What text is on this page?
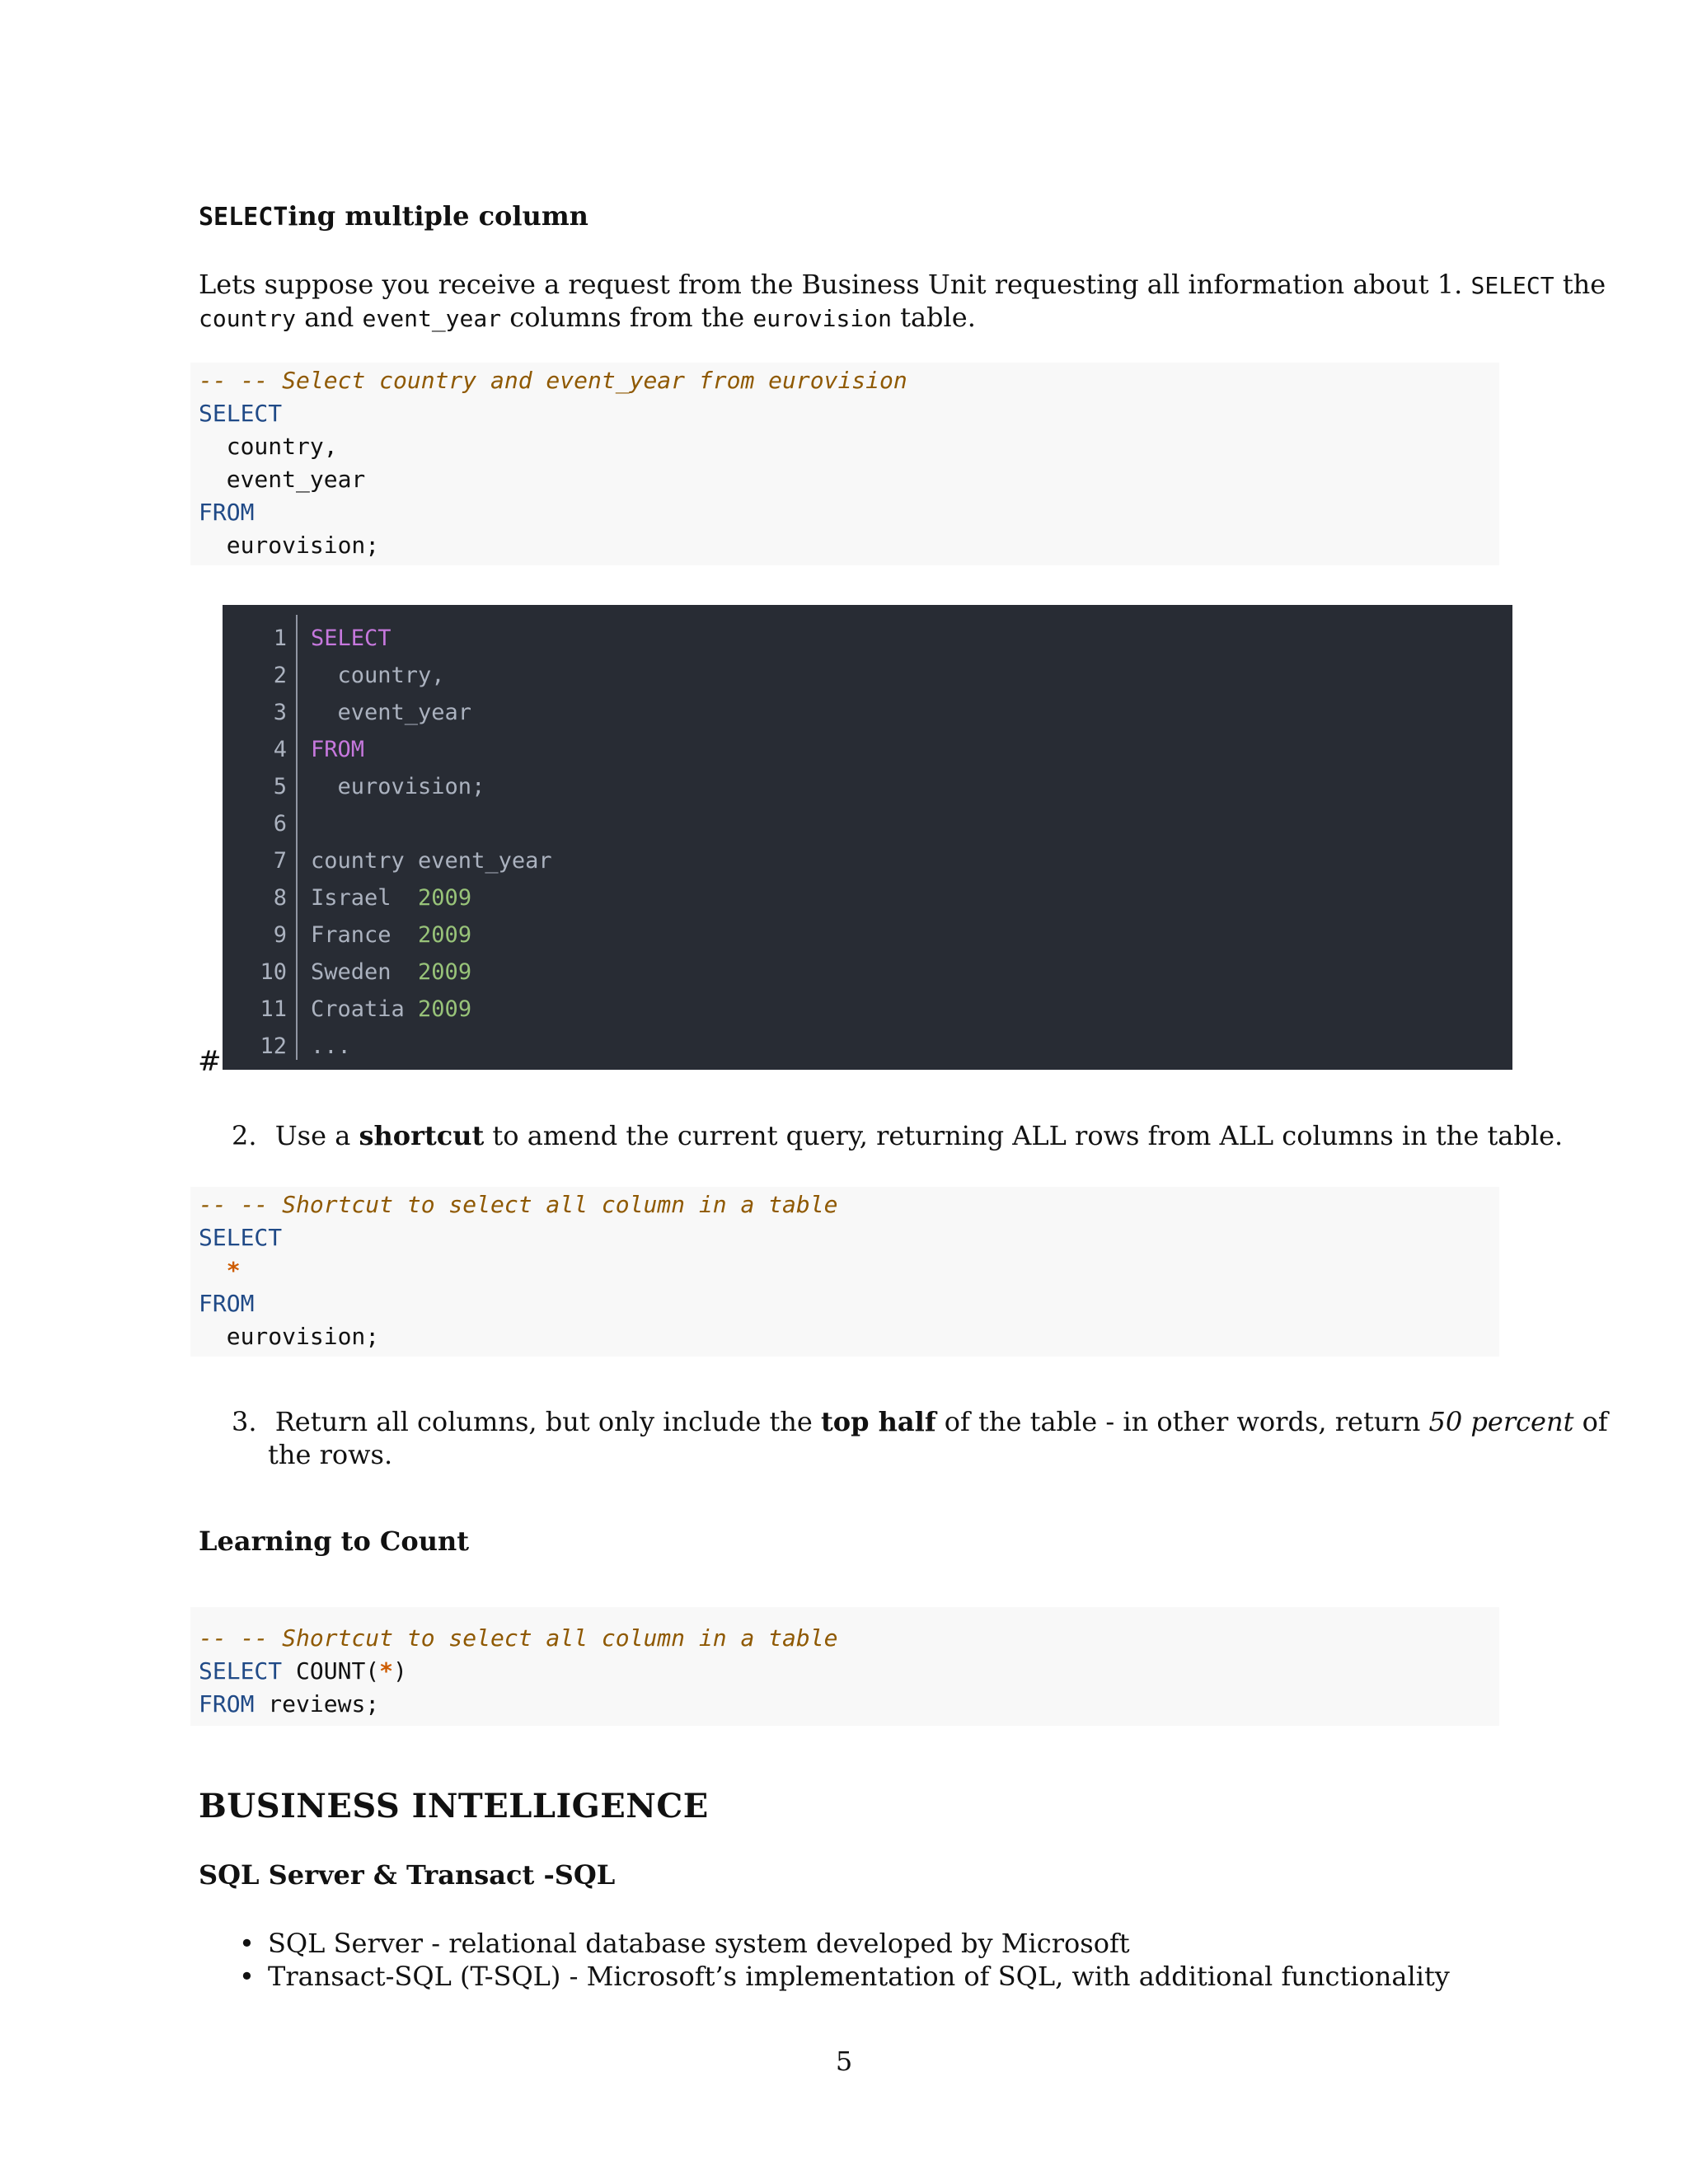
SELECTing multiple column
Lets suppose you receive a request from the Business Unit requesting all information about 1. SELECT the
country and event_year columns from the eurovision table.
-- -- Select country and event_year from eurovision
SELECT
country,
event_year
FROM
eurovision;
1
2
3
4
5
6
7
8
9
10
11
12
SELECT
country,
event_year
FROM
eurovision;
country event_year
Israel  2009
France  2009
Sweden  2009
Croatia 2009
...
#
2. Use a shortcut to amend the current query, returning ALL rows from ALL columns in the table.
-- -- Shortcut to select all column in a table
SELECT
*
FROM
eurovision;
3. Return all columns, but only include the top half of the table - in other words, return 50 percent of
the rows.
Learning to Count
-- -- Shortcut to select all column in a table
SELECT COUNT(*)
FROM reviews;
BUSINESS INTELLIGENCE
SQL Server & Transact -SQL
• SQL Server - relational database system developed by Microsoft
• Transact-SQL (T-SQL) - Microsoft’s implementation of SQL, with additional functionality
5
